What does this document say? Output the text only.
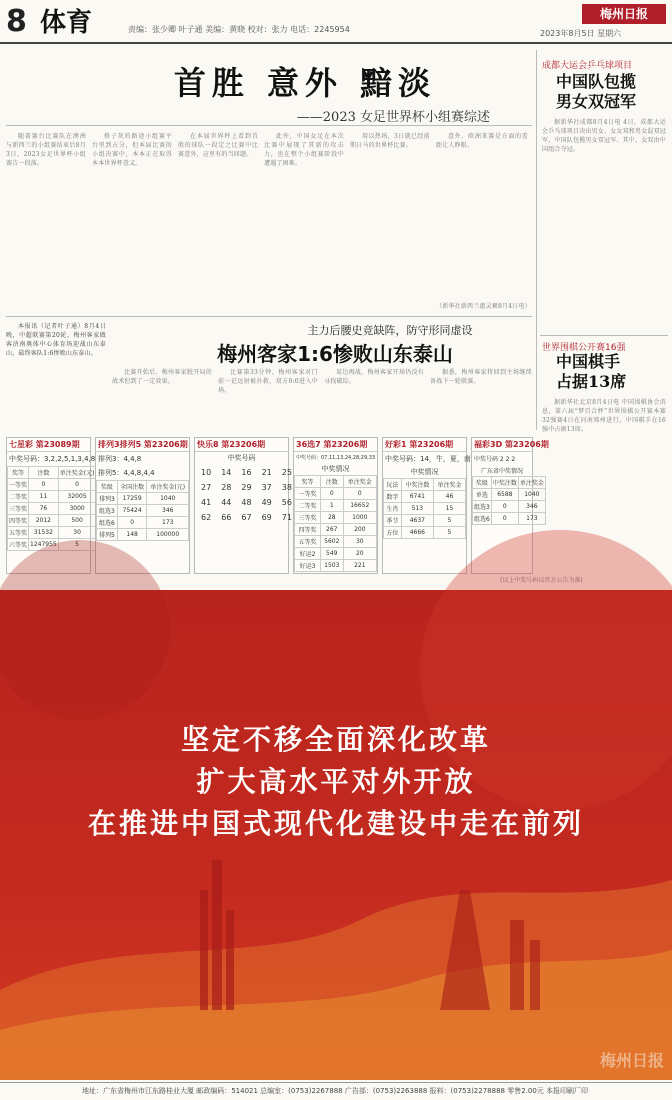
8 体育	责编：张少卿 叶子通 美编：黄晓 校对：张力 电话：2245954
梅州日报
2023年8月5日 星期六
首胜 意外 黯淡
——2023 女足世界杯小组赛综述

随着赛台比赛队在澳洲与新西兰的小组赛结束后8月3日，2023女足世界杯小组赛告一段落。

格子灰的路途小组赛平台里到占分，但本届比赛的小组决赛中，本本正在取得本本世界杯意义。

在本届世界杯上看到首胜的球队一段定之比赛中比赛意外，这里有的当回题。

此外，中国女足在本次比赛中展现了其新的攻击力，也在整个小组赛阶段中遭遇了困难。

用以热场，3日就已经前期日马的世界杯比赛。

意外、欧洲来赛是方面的差距让人睁眼。

（新华社新西兰惠灵顿8月4日电）
成都大运会乒乓球项目
中国队包揽
男女双冠军

据新华社成都8月4日电 4日，成都大运会乒乓球项目决出男女、女女双和男女混双冠军，中国队包揽男女双冠军。其中，女双由中国组合夺冠。

世界围棋公开赛16强
中国棋手
占据13席

据新华社北京8月4日电 中国围棋协会消息，第六届“梦百合杯”世界围棋公开赛本赛32强赛4日在河南郑州进行，中国棋手在16强中占据13席。

本报讯（记者叶子通）8月4日晚，中超联赛第20轮，梅州客家做客济南奥体中心体育场迎战山东泰山，最终客队1:6惨败山东泰山。

主力后腰史竞缺阵，防守形同虚设
梅州客家1:6惨败山东泰山

比赛开始后，梅州客家脱开局的战术但到了一定效果。

比赛第33分钟，梅州客家对门前一记远射被扑救，双方0:0进入中场。

易边再战，梅州客家开场仍没有寻找破综。

据悉，梅州客家将回到主场继续备战下一轮联赛。

七星彩 第23089期
中奖号码：3,2,2,5,1,3,4,8
奖等	注数	单注奖金(元)
一等奖	0	0
二等奖	11	32005
三等奖	76	3000
四等奖	2012	500
五等奖	31532	30
六等奖	1247955	5
排列3排列5 第23206期
排列3：4,4,8
排列5：4,4,8,4,4
奖级	全国注数	单注奖金(元)
排列3	17259	1040
组选3	75424	346
组选6	0	173
排列5	148	100000
快乐8 第23206期
中奖号码
10	14	16	21	25
27	28	29	37	38
41	44	48	49	56
62	66	67	69	71
36选7 第23206期
中奖号码：07,11,13,24,28,29,33
中奖情况
奖等	注数	单注奖金
一等奖	0	0
二等奖	1	16652
三等奖	28	1000
四等奖	267	200
五等奖	5602	30
好运2	549	20
好运3	1503	221
好彩1 第23206期
中奖号码：14，牛，夏，南
中奖情况
玩法	中奖注数	单注奖金
数字	6741	46
生肖	513	15
季节	4637	5
方位	4666	5
福彩3D 第23206期
中奖号码 2 2 2
广东省中奖情况
奖级	中奖注数	单注奖金
单选	6588	1040
组选3	0	346
组选6	0	173
(以上中奖号码以官方公告为准)
坚定不移全面深化改革
扩大高水平对外开放
在推进中国式现代化建设中走在前列
梅州日报
地址：广东省梅州市江东路桂业大厦 邮政编码：514021 总编室：(0753)2267888 广告部：(0753)2263888 报料：(0753)2278888 零售2.00元 本报印刷厂印
